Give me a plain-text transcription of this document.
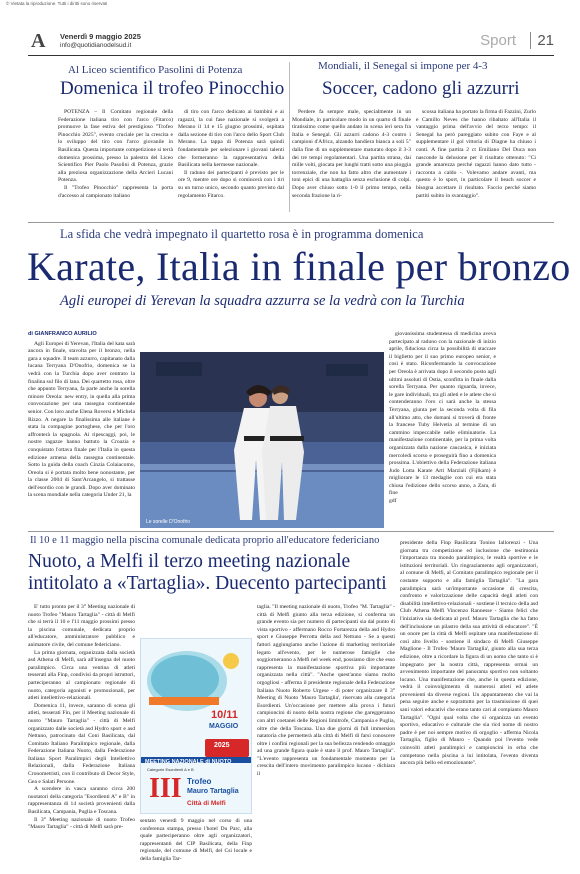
© Vietata la riproduzione. Tutti i diritti sono riservati
A Venerdì 9 maggio 2025
info@quotidianodelsud.it	Sport	21
Al Liceo scientifico Pasolini di Potenza
Domenica il trofeo Pinocchio

POTENZA – Il Comitato regionale della Federazione italiana tiro con l'arco (Fitarco) promuove la fase estiva del prestigioso "Trofeo Pinocchio 2025", evento cruciale per la crescita e lo sviluppo del tiro con l'arco giovanile in Basilicata. Questa importante competizione si terrà domenica prossima, presso la palestra del Liceo Scientifico Pier Paolo Pasolini di Potenza, grazie alla preziosa organizzazione della Arcieri Lucani Potenza.

Il "Trofeo Pinocchio" rappresenta la porta d'accesso al campionato italiano

di tiro con l'arco dedicato ai bambini e ai ragazzi, la cui fase nazionale si svolgerà a Merano il 14 e 15 giugno prossimi, ospitata dalla sezione di tiro con l'arco dello Sport Club Merano. La tappa di Potenza sarà quindi fondamentale per selezionare i giovani talenti che formeranno la rappresentativa della Basilicata nella kermesse nazionale.

Il raduno dei partecipanti è previsto per le ore 9, mentre ore dopo si comincerà con i tiri su un turno unico, secondo quanto previsto dal regolamento Fitarco.

Mondiali, il Senegal si impone per 4-3
Soccer, cadono gli azzurri

Perdere fa sempre male, specialmente in un Mondiale, in particolare modo in un quarto di finale tiratissimo come quello andato in scena ieri sera fra Italia e Senegal. Gli azzurri cadono 4-3 contro i campioni d'Africa, alzando bandiera bianca a soli 5" dalla fine di un supplementare maturato dopo il 3-3 dei tre tempi regolamentari. Una partita strana, dai mille volti, giocata per lunghi tratti sotto una pioggia torrenziale, che non ha fatto altro che aumentare i toni epici di una battaglia senza esclusione di colpi. Dopo aver chiuso sotto 1-0 il primo tempo, nella seconda frazione la ri-

scossa italiana ha portato la firma di Fazzini, Zurlo e Camillo Neves che hanno ribaltato all'Italia il vantaggio prima dell'avvio del terzo tempo: il Senegal ha però pareggiato subito con Faye e al supplementare il gol vittoria di Diagne ha chiuso i conti. A fine partita 2 ct Emiliano Del Duca non nasconde la delusione per il risultato ottenuto: "Ci grande amarezza perché ragazzi hanno dato tutto - racconta a caldo -. Volevamo andare avanti, ma questo è lo sport, in particolare il beach soccer e bisogna accettare il risultato. Faccio perché siamo partiti subito in svantaggio".

La sfida che vedrà impegnato il quartetto rosa è in programma domenica
Karate, Italia in finale per bronzo
Agli europei di Yerevan la squadra azzurra se la vedrà con la Turchia
di GIANFRANCO AURILIO

Agli Europei di Yerevan, l'Italia del kata sarà ancora in finale, stavolta per il bronzo, nella gara a squadre. Il team azzurro, capitanato dalla lucana Terryana D'Onofrio, domenica se la vedrà con la Turchia dopo aver centrato la finalina sul filo di lana. Dei quartetto rosa, oltre che appunto Terryana, fa parte anche la sorella minore Oreola: new entry, in quella alla prima convocazione per una rassegna continentale senior. Con loro anche Elena Roversi e Michela Rizzo. A negare la finalissima alle italiane è stata la compagine portoghese, che per l'oro affronterà la spagnola. Ai ripescaggi, poi, le nostre ragazze hanno battuto la Croazia e conquistato l'ottava finale per l'Italia in questa edizione armena della rassegna continentale. Sotto la guida della coach Cinzia Colaiacomo, Oreola si è portata molto bene nonostante, per la classe 2004 di Sant'Arcangelo, si trattasse dell'esordio con le grandi. Dopo aver dominato la scena mondiale nella categoria Under 21, la

Le sorelle D'Onofrio

giovanissima studentessa di medicina aveva partecipato al raduno con la nazionale di inizio aprile, fiduciosa circa la possibilità di staccare il biglietto per il suo primo europeo senior, e così è stato. Riconfermando la convocazione per Oreola è arrivata dopo il secondo posto agli ultimi assoluti di Ostia, sconfitta in finale dalla sorella Terryana. Per quanto riguarda, invece, le gare individuali, tra gli atleti e le atlete che si contenderanno l'oro ci sarà anche la stessa Terryana, giunta per la seconda volta di fila all'ultimo atto, che domani si troverà di fronte la francese Tuby Helvetia al termine di un cammino impeccabile nelle eliminatorie. La manifestazione continentale, per la prima volta organizzata dalla nazione caucasica, è iniziata mercoledì scorso e proseguirà fino a domenica prossima. L'obiettivo della Federazione italiana Judo Lotta Karate Arti Marziali (Fijlkam) è migliorare le 13 medaglie con cui era stata chiusa l'edizione dello scorso anno, a Zara, di fine

gdf

Il 10 e 11 maggio nella piscina comunale dedicata proprio all'educatore federiciano
Nuoto, a Melfi il terzo meeting nazionale
intitolato a «Tartaglia». Duecento partecipanti

E' tutto pronto per il 3° Meeting nazionale di nuoto Trofeo "Mauro Tartaglia" - città di Melfi che si terrà il 10 e l'11 maggio prossimi presso la piscina comunale, dedicata proprio all'educatore, amministratore pubblico e animatore civile, del comune federiciano.

La prima giornata, organizzata dalla società asd Athena di Melfi, sarà all'insegna del nuoto paralimpico. Circa una ventina di atleti tesserati alla Finp, condivisi da propri istruttori, parteciperanno al campionato regionale di nuoto, categoria agonisti e promozionali, per atleti intellettivo-relazionali.

Domenica 11, invece, saranno di scena gli atleti, tesserati Fin, per il Meeting nazionale di nuoto "Mauro Tartaglia" - città di Melfi organizzato dalle società asd Hydro sport e asd Nettuno, patrocinato dal Coni Basilicata, dal Comitato Italiano Paralimpico regionale, dalla Federazione Italiana Nuoto, dalla Federazione Italiana Sport Paralimpici degli Intellettivo Relazionali, dalla Federazione Italiana Cronometristi, con il contributo di Decor Style, Gea e Salati Persone.

A scendere in vasca saranno circa 200 nuotatori della categoria "Esordienti A" e B" in rappresentanza di 14 società provenienti dalla Basilicata, Campania, Puglia e Toscana.

Il 3° Meeting nazionale di nuoto Trofeo "Mauro Tartaglia" - città di Melfi sarà pre-

10/11
MAGGIO
2025
MEETING NAZIONALE di NUOTO
Categorie Esordienti A e B
III Trofeo
Mauro Tartaglia
Città di Melfi

sentato venerdì 9 maggio nel corso di una conferenza stampa, presso l'hotel Du Parc, alla quale parteciperanno oltre agli organizzatori, rappresentanti del CIP Basilicata, della Finp regionale, del comune di Melfi, del Csi locale e della famiglia Tar-

taglia. "Il meeting nazionale di nuoto, Trofeo "M. Tartaglia" - città di Melfi giunto alla terza edizione, si conferma un grande evento sia per numero di partecipanti sia dal punto di vista sportivo - affermano Rocco Fortarezza della asd Hydro sport e Giuseppe Perrotta della asd Nettuno - Se a questi fattori aggiungiamo anche l'azione di marketing territoriale legato all'evento, per le numerose famiglie che soggiorneranno a Melfi nel week end, possiamo dire che esso rappresenta la manifestazione sportiva più importante organizzata nella città". "Anche quest'anno siamo molto orgogliosi - afferma il presidente regionale della Federazione Italiana Nuoto Roberto Urgese - di poter organizzare il 3° Meeting di Nuoto 'Mauro Tartaglia', riservato alla categoria Esordienti. Un'occasione per mettere alla prova i futuri campioncini di nuoto della nostra regione che gareggeranno con altri coetanei delle Regioni limitrofe, Campania e Puglia, oltre che della Toscana. Una due giorni di full immersion natatoria che permetterà alla città di Melfi di farsi conoscere oltre i confini regionali per la sua bellezza rendendo omaggio ad una grande figura quale è stato il prof. Mauro Tartaglia". "L'evento rappresenta un fondamentale momento per la crescita dell'intero movimento paralimpico lucano - dichiara il

presidente della Finp Basilicata Tonino Iallorenzi - Una giornata tra competizione ed inclusione che testimonia l'importanza tra mondo paralimpico, le realtà sportive e le istituzioni territoriali. Un ringraziamento agli organizzatori, al comune di Melfi, al Comitato paralimpico regionale per il costante supporto e alla famiglia Tartaglia". "La gara paralimpica sarà un'importante occasione di crescita, confronto e valorizzazione delle capacità degli atleti con disabilità intellettivo-relazionali - sostiene il tecnico della asd Club Athena Melfi Vincenzo Rannesse - Siamo felici che l'iniziativa sia dedicata al prof. Mauro Tartaglia che ha fatto dell'inclusione un pilastro della sua attività di educatore". "È un onore per la città di Melfi ospitare una manifestazione di così alto livello - sostiene il sindaco di Melfi Giuseppe Maglione - Il Trofeo 'Mauro Tartaglia', giunto alla sua terza edizione, oltre a ricordare la figura di un uomo che tanto si è impegnato per la nostra città, rappresenta ormai un avvenimento importante del panorama sportivo non soltanto lucano. Una manifestazione che, anche in questa edizione, vedrà il coinvolgimento di numerosi atleti ed atlete provenienti da diverse regioni. Un appuntamento che vai la pena seguire anche e soprattutto per la trasmissione di quei sani valori educativi che erano tanto cari al compianto Mauro Tartaglia". "Ogni qual volta che si organizza un evento sportivo, educativo e culturale che sia ricd nome di nostro padre è per noi sempre motivo di orgoglio - afferma Nicola Tartaglia, figlio di Mauro - Quando poi l'evento vede coinvolti atleti paralimpici e campioncini in erba che competono nella piscina a lui intitolata, l'evento diventa ancora più bello ed emozionante".
